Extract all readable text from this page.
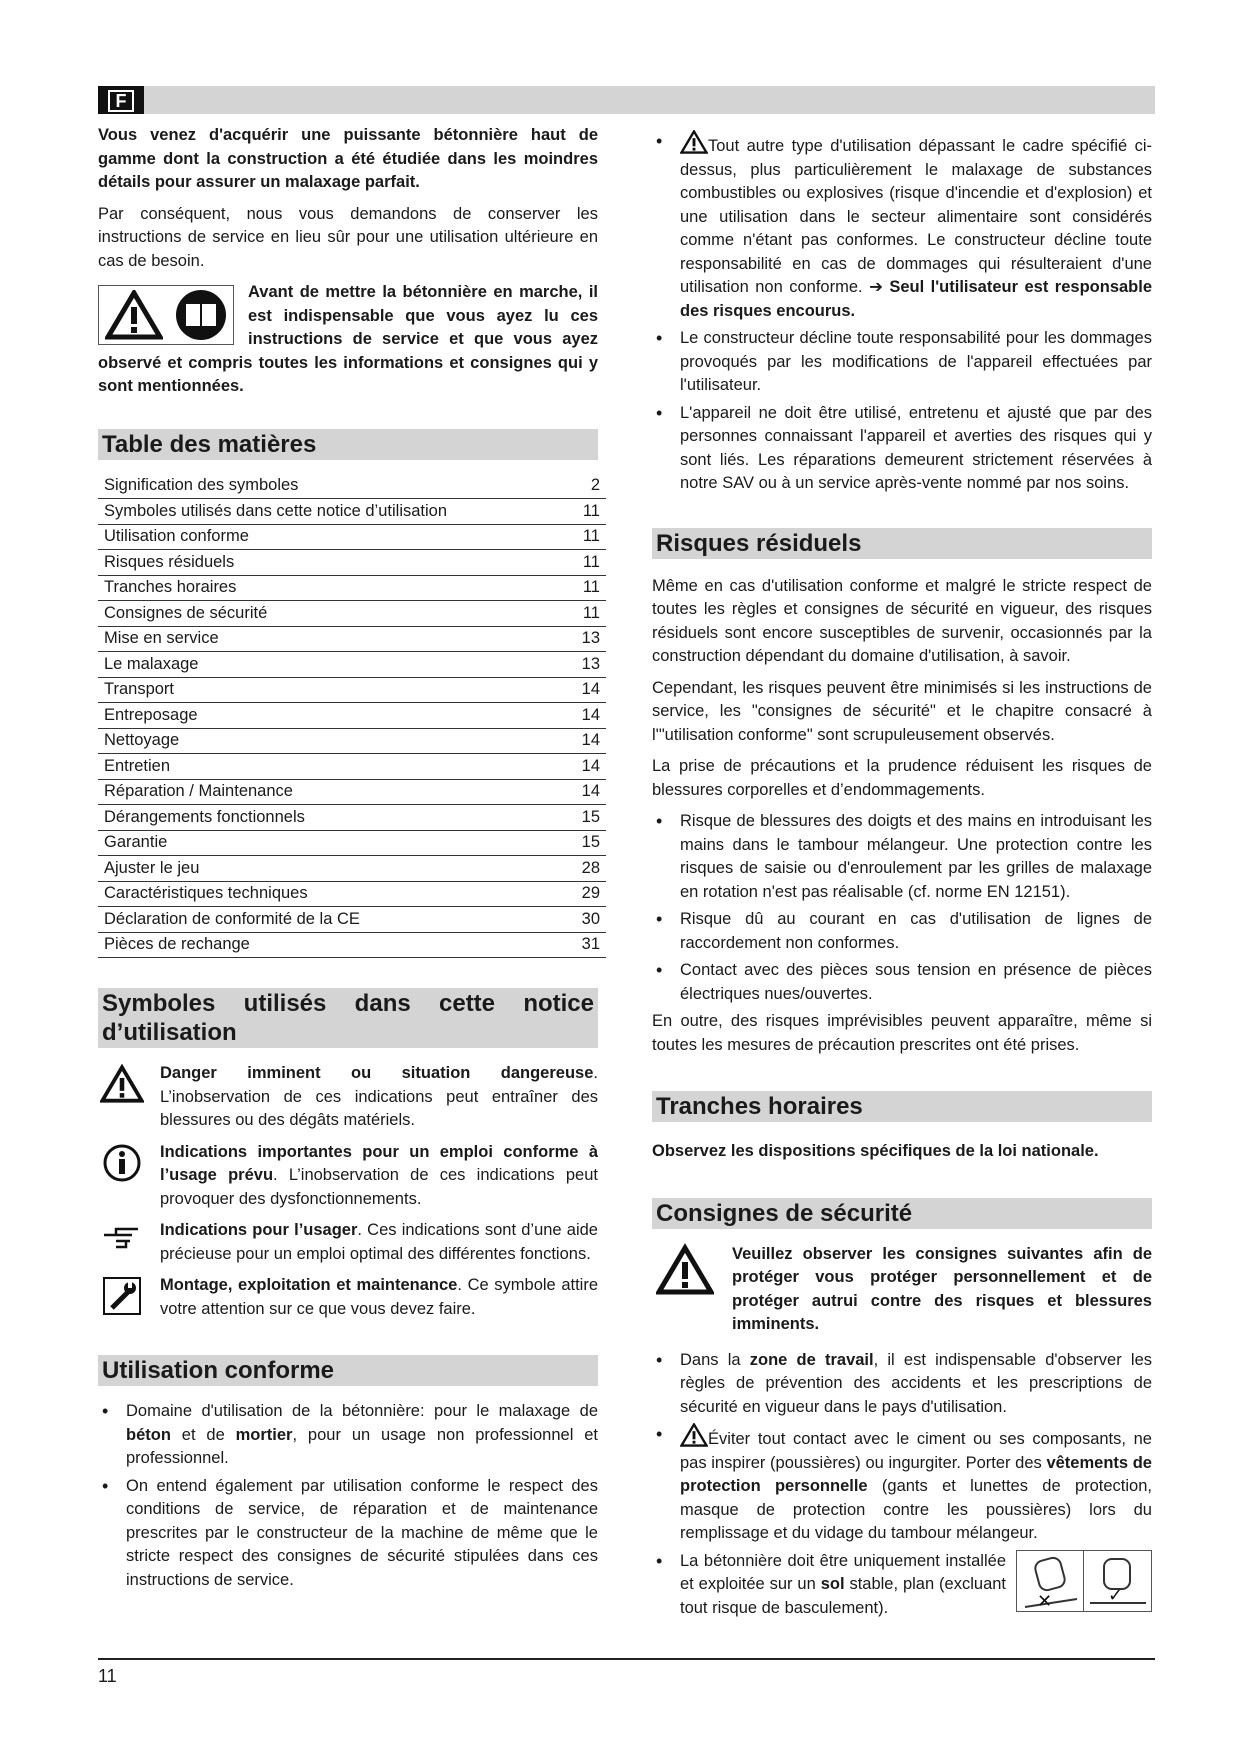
F

Vous venez d'acquérir une puissante bétonnière haut de gamme dont la construction a été étudiée dans les moindres détails pour assurer un malaxage parfait.

Par conséquent, nous vous demandons de conserver les instructions de service en lieu sûr pour une utilisation ultérieure en cas de besoin.

Avant de mettre la bétonnière en marche, il est indispensable que vous ayez lu ces instructions de service et que vous ayez observé et compris toutes les informations et consignes qui y sont mentionnées.

Table des matières
Signification des symboles	2
Symboles utilisés dans cette notice d’utilisation	11
Utilisation conforme	11
Risques résiduels	11
Tranches horaires	11
Consignes de sécurité	11
Mise en service	13
Le malaxage	13
Transport	14
Entreposage	14
Nettoyage	14
Entretien	14
Réparation / Maintenance	14
Dérangements fonctionnels	15
Garantie	15
Ajuster le jeu	28
Caractéristiques techniques	29
Déclaration de conformité de la CE	30
Pièces de rechange	31
Symboles utilisés dans cette notice d’utilisation
Danger imminent ou situation dangereuse. L’inobservation de ces indications peut entraîner des blessures ou des dégâts matériels.
Indications importantes pour un emploi conforme à l’usage prévu. L’inobservation de ces indications peut provoquer des dysfonctionnements.
Indications pour l’usager. Ces indications sont d’une aide précieuse pour un emploi optimal des différentes fonctions.
Montage, exploitation et maintenance. Ce symbole attire votre attention sur ce que vous devez faire.
Utilisation conforme
• Domaine d'utilisation de la bétonnière: pour le malaxage de béton et de mortier, pour un usage non professionnel et professionnel.
• On entend également par utilisation conforme le respect des conditions de service, de réparation et de maintenance prescrites par le constructeur de la machine de même que le stricte respect des consignes de sécurité stipulées dans ces instructions de service.
• Tout autre type d'utilisation dépassant le cadre spécifié ci-dessus, plus particulièrement le malaxage de substances combustibles ou explosives (risque d'incendie et d'explosion) et une utilisation dans le secteur alimentaire sont considérés comme n'étant pas conformes. Le constructeur décline toute responsabilité en cas de dommages qui résulteraient d'une utilisation non conforme. ➔ Seul l'utilisateur est responsable des risques encourus.
• Le constructeur décline toute responsabilité pour les dommages provoqués par les modifications de l'appareil effectuées par l'utilisateur.
• L'appareil ne doit être utilisé, entretenu et ajusté que par des personnes connaissant l'appareil et averties des risques qui y sont liés. Les réparations demeurent strictement réservées à notre SAV ou à un service après-vente nommé par nos soins.
Risques résiduels

Même en cas d'utilisation conforme et malgré le stricte respect de toutes les règles et consignes de sécurité en vigueur, des risques résiduels sont encore susceptibles de survenir, occasionnés par la construction dépendant du domaine d'utilisation, à savoir.

Cependant, les risques peuvent être minimisés si les instructions de service, les "consignes de sécurité" et le chapitre consacré à l'"utilisation conforme" sont scrupuleusement observés.

La prise de précautions et la prudence réduisent les risques de blessures corporelles et d’endommagements.

• Risque de blessures des doigts et des mains en introduisant les mains dans le tambour mélangeur. Une protection contre les risques de saisie ou d'enroulement par les grilles de malaxage en rotation n'est pas réalisable (cf. norme EN 12151).
• Risque dû au courant en cas d'utilisation de lignes de raccordement non conformes.
• Contact avec des pièces sous tension en présence de pièces électriques nues/ouvertes.

En outre, des risques imprévisibles peuvent apparaître, même si toutes les mesures de précaution prescrites ont été prises.

Tranches horaires

Observez les dispositions spécifiques de la loi nationale.

Consignes de sécurité

Veuillez observer les consignes suivantes afin de protéger vous protéger personnellement et de protéger autrui contre des risques et blessures imminents.

• Dans la zone de travail, il est indispensable d'observer les règles de prévention des accidents et les prescriptions de sécurité en vigueur dans le pays d'utilisation.
• Éviter tout contact avec le ciment ou ses composants, ne pas inspirer (poussières) ou ingurgiter. Porter des vêtements de protection personnelle (gants et lunettes de protection, masque de protection contre les poussières) lors du remplissage et du vidage du tambour mélangeur.
• ✕	✓
La bétonnière doit être uniquement installée et exploitée sur un sol stable, plan (excluant tout risque de basculement).
11
